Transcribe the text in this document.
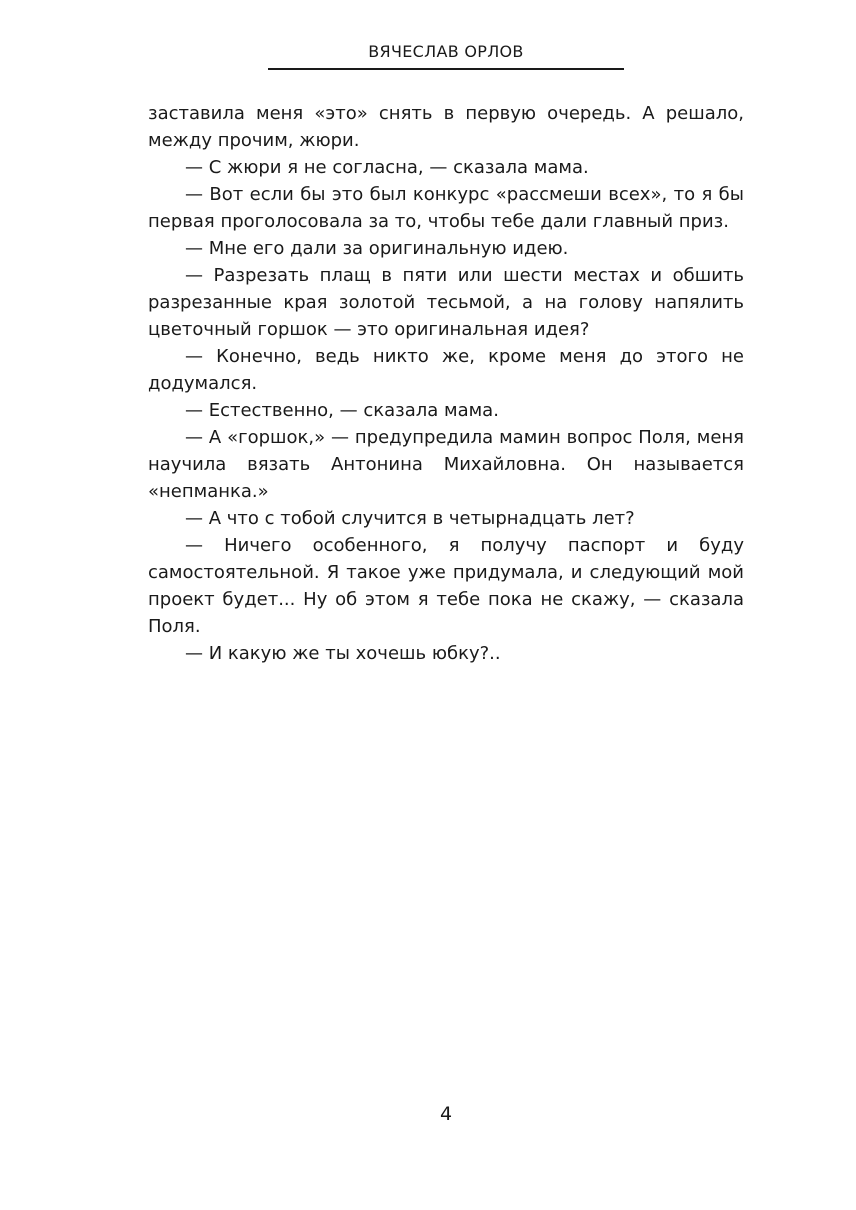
ВЯЧЕСЛАВ ОРЛОВ

заставила меня «это» снять в первую очередь. А решало, между прочим, жюри.

— С жюри я не согласна, — сказала мама.

— Вот если бы это был конкурс «рассмеши всех», то я бы первая проголосовала за то, чтобы тебе дали главный приз.

— Мне его дали за оригинальную идею.

— Разрезать плащ в пяти или шести местах и обшить разрезанные края золотой тесьмой, а на голову напялить цветочный горшок — это оригинальная идея?

— Конечно, ведь никто же, кроме меня до этого не додумался.

— Естественно, — сказала мама.

— А «горшок,» — предупредила мамин вопрос Поля, меня научила вязать Антонина Михайловна. Он называется «непманка.»

— А что с тобой случится в четырнадцать лет?

— Ничего особенного, я получу паспорт и буду самостоятельной. Я такое уже придумала, и следующий мой проект будет... Ну об этом я тебе пока не скажу, — сказала Поля.

— И какую же ты хочешь юбку?..

4
